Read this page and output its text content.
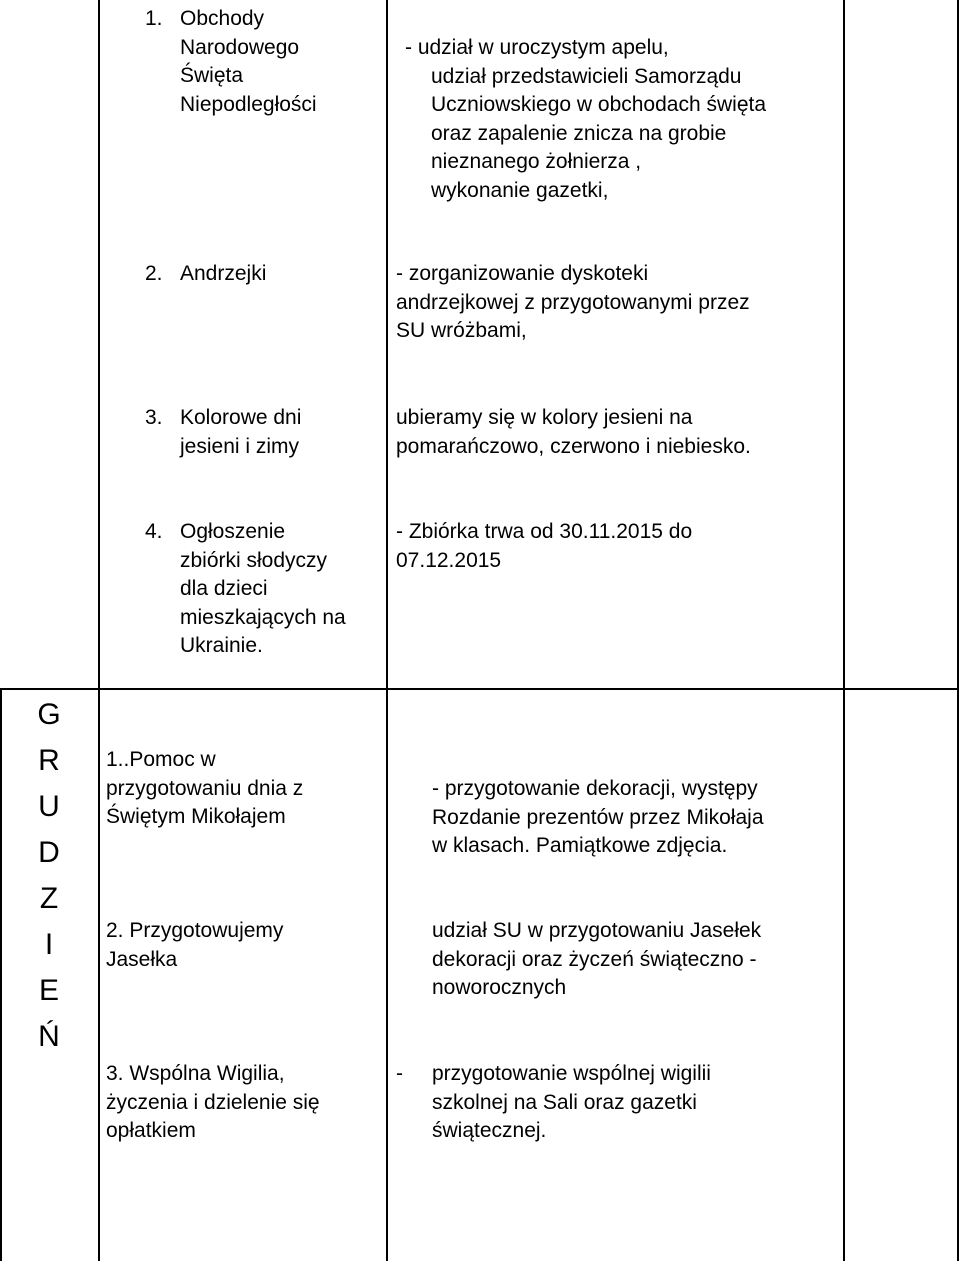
1. Obchody

Narodowego

Święta

Niepodległości

- udział w uroczystym apelu,

udział przedstawicieli Samorządu

Uczniowskiego w obchodach święta

oraz zapalenie znicza na grobie

nieznanego żołnierza ,

wykonanie gazetki,

2. Andrzejki	- zorganizowanie dyskoteki

andrzejkowej z przygotowanymi przez

SU wróżbami,

3. Kolorowe dni

jesieni i zimy

ubieramy się w kolory jesieni na

pomarańczowo, czerwono i niebiesko.

4. Ogłoszenie

zbiórki słodyczy

dla dzieci

mieszkających na

Ukrainie.

- Zbiórka trwa od 30.11.2015 do

07.12.2015

G
R
U
D
Z
I
E
Ń

1..Pomoc w

przygotowaniu dnia z

Świętym Mikołajem

- przygotowanie dekoracji, występy

Rozdanie prezentów przez Mikołaja

w klasach. Pamiątkowe zdjęcia.

2. Przygotowujemy

Jasełka

udział SU w przygotowaniu Jasełek

dekoracji oraz życzeń świąteczno -

noworocznych

3. Wspólna Wigilia,

życzenia i dzielenie się

opłatkiem

- przygotowanie wspólnej wigilii

szkolnej na Sali oraz gazetki

świątecznej.
